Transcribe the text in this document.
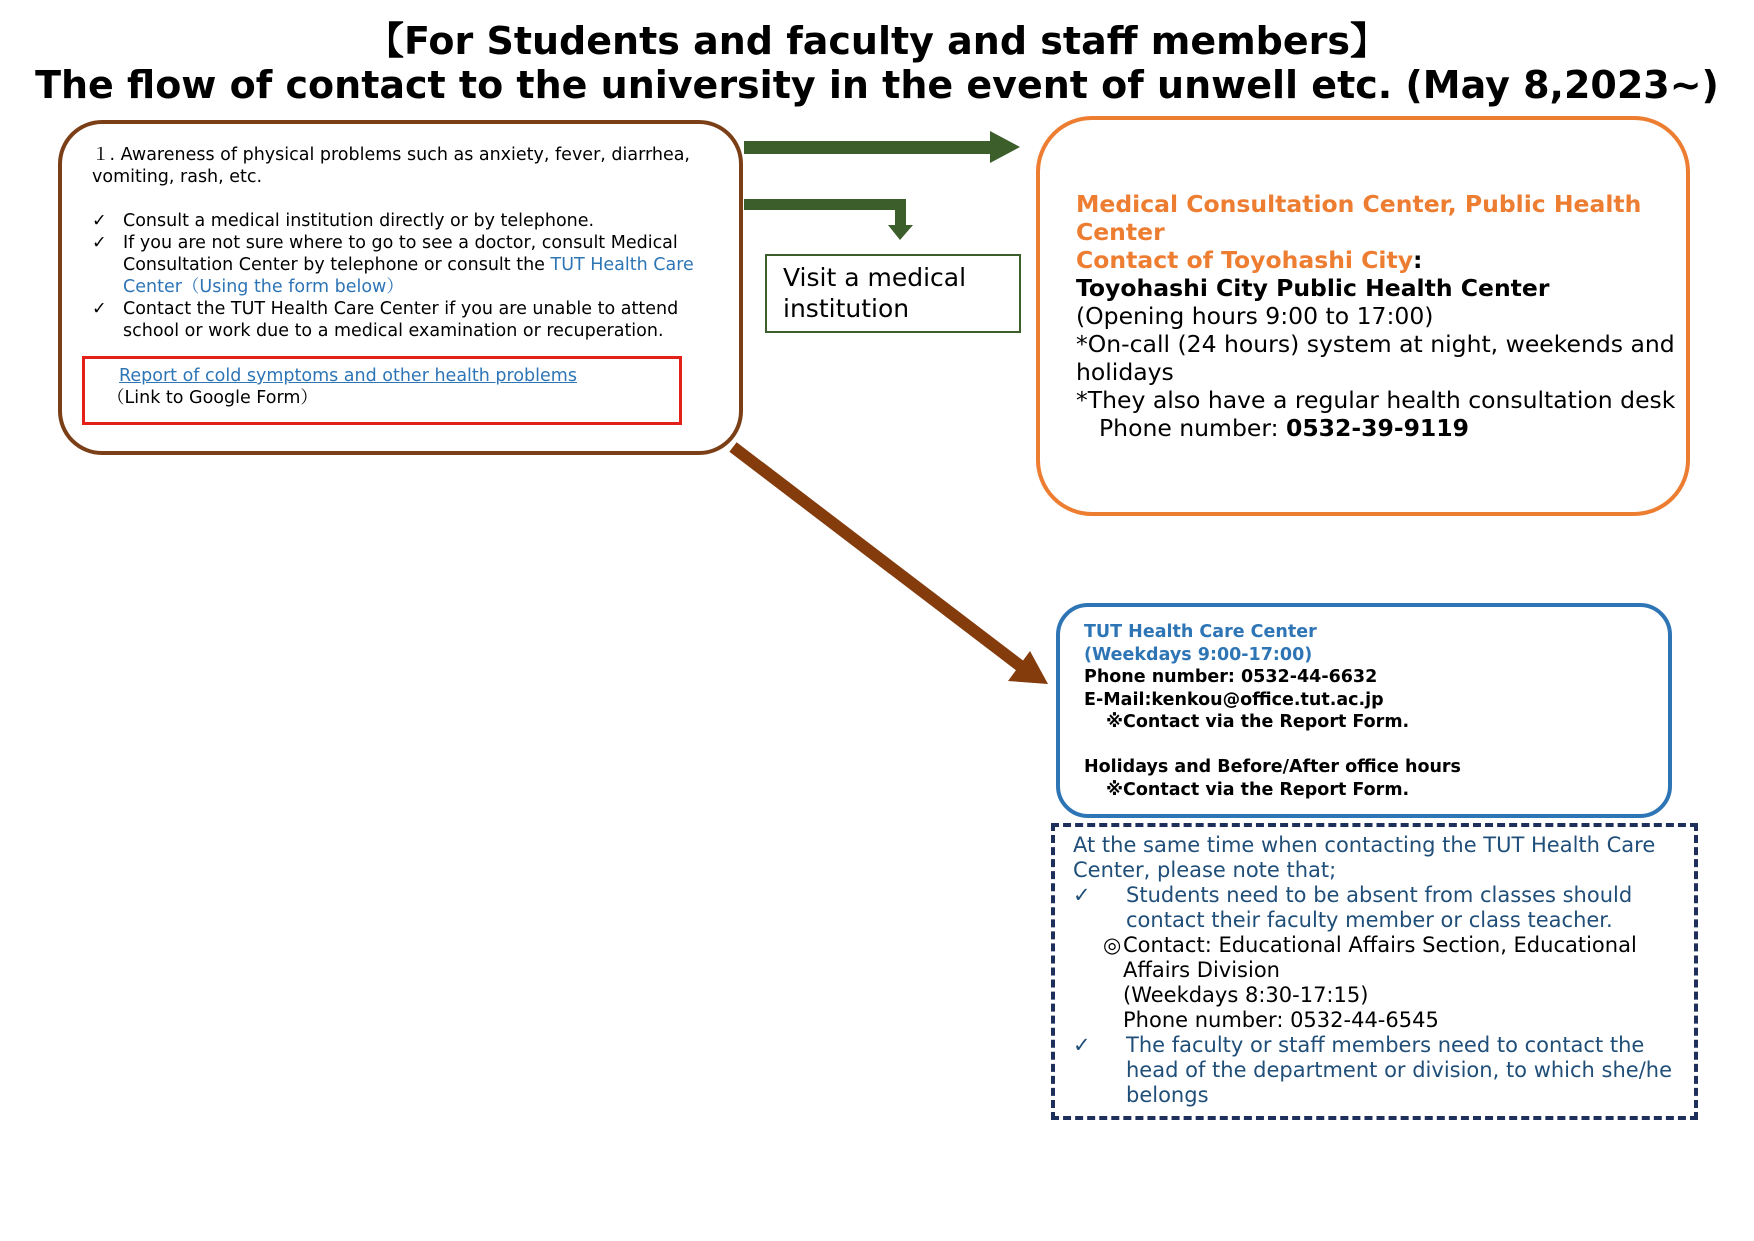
【For Students and faculty and staff members】
The flow of contact to the university in the event of unwell etc. (May 8,2023~)
１. Awareness of physical problems such as anxiety, fever, diarrhea, vomiting, rash, etc.
✓ Consult a medical institution directly or by telephone.
✓ If you are not sure where to go to see a doctor, consult Medical Consultation Center by telephone or consult the TUT Health Care Center（Using the form below）
✓ Contact the TUT Health Care Center if you are unable to attend school or work due to a medical examination or recuperation.
Report of cold symptoms and other health problems
（Link to Google Form）
Visit a medical institution
Medical Consultation Center, Public Health Center
Contact of Toyohashi City:
Toyohashi City Public Health Center
(Opening hours 9:00 to 17:00)
*On-call (24 hours) system at night, weekends and holidays
*They also have a regular health consultation desk
Phone number: 0532-39-9119
TUT Health Care Center
(Weekdays 9:00-17:00)
Phone number: 0532-44-6632
E-Mail:kenkou@office.tut.ac.jp
※Contact via the Report Form.
Holidays and Before/After office hours
※Contact via the Report Form.
At the same time when contacting the TUT Health Care Center, please note that;
✓ Students need to be absent from classes should contact their faculty member or class teacher.
◎ Contact: Educational Affairs Section, Educational Affairs Division
(Weekdays 8:30-17:15)
Phone number: 0532-44-6545
✓ The faculty or staff members need to contact the head of the department or division, to which she/he belongs
